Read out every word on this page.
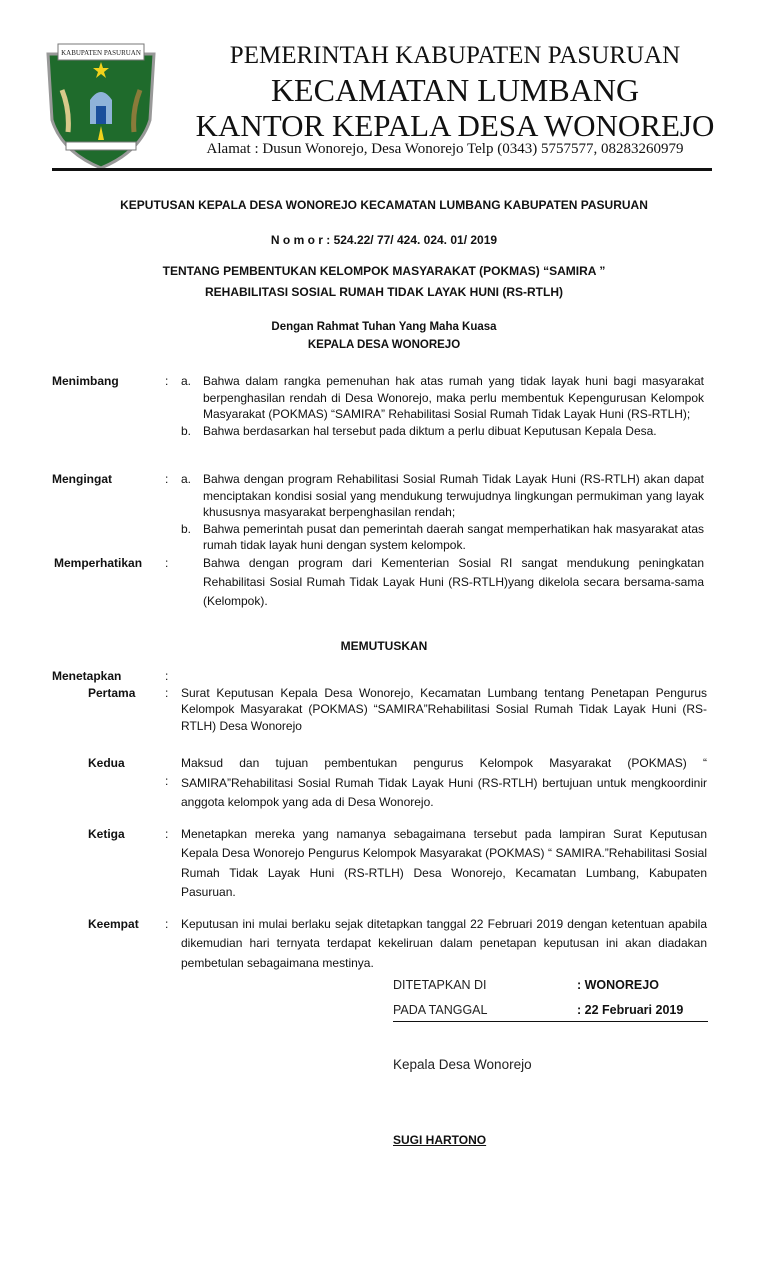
KABUPATEN PASURUAN	PEMERINTAH KABUPATEN PASURUAN
KECAMATAN LUMBANG
KANTOR KEPALA DESA WONOREJO
Alamat : Dusun Wonorejo, Desa Wonorejo Telp (0343) 5757577, 08283260979
KEPUTUSAN KEPALA DESA WONOREJO KECAMATAN LUMBANG KABUPATEN PASURUAN
N o m o r : 524.22/ 77/ 424. 024. 01/ 2019
TENTANG PEMBENTUKAN KELOMPOK MASYARAKAT (POKMAS) “SAMIRA ”
REHABILITASI SOSIAL RUMAH TIDAK LAYAK HUNI (RS-RTLH)
Dengan Rahmat Tuhan Yang Maha Kuasa
KEPALA DESA WONOREJO
Menimbang	:	a. Bahwa dalam rangka pemenuhan hak atas rumah yang tidak layak huni bagi masyarakat berpenghasilan rendah di Desa Wonorejo, maka perlu membentuk Kepengurusan Kelompok Masyarakat (POKMAS) “SAMIRA” Rehabilitasi Sosial Rumah Tidak Layak Huni (RS-RTLH);
b. Bahwa berdasarkan hal tersebut pada diktum a perlu dibuat Keputusan Kepala Desa.
Mengingat	:	a. Bahwa dengan program Rehabilitasi Sosial Rumah Tidak Layak Huni (RS-RTLH) akan dapat menciptakan kondisi sosial yang mendukung terwujudnya lingkungan permukiman yang layak khususnya masyarakat berpenghasilan rendah;
b. Bahwa pemerintah pusat dan pemerintah daerah sangat memperhatikan hak masyarakat atas rumah tidak layak huni dengan system kelompok.
Memperhatikan	:	Bahwa dengan program dari Kementerian Sosial RI sangat mendukung peningkatan Rehabilitasi Sosial Rumah Tidak Layak Huni (RS-RTLH)yang dikelola secara bersama-sama (Kelompok).
MEMUTUSKAN
Menetapkan	:
Pertama	:	Surat Keputusan Kepala Desa Wonorejo, Kecamatan Lumbang tentang Penetapan Pengurus Kelompok Masyarakat (POKMAS) “SAMIRA”Rehabilitasi Sosial Rumah Tidak Layak Huni (RS-RTLH) Desa Wonorejo
Kedua
:
Maksud dan tujuan pembentukan pengurus Kelompok Masyarakat (POKMAS) “ SAMIRA”Rehabilitasi Sosial Rumah Tidak Layak Huni (RS-RTLH) bertujuan untuk mengkoordinir anggota kelompok yang ada di Desa Wonorejo.
Ketiga	:	Menetapkan mereka yang namanya sebagaimana tersebut pada lampiran Surat Keputusan Kepala Desa Wonorejo Pengurus Kelompok Masyarakat (POKMAS) “ SAMIRA.”Rehabilitasi Sosial Rumah Tidak Layak Huni (RS-RTLH) Desa Wonorejo, Kecamatan Lumbang, Kabupaten Pasuruan.
Keempat	:	Keputusan ini mulai berlaku sejak ditetapkan tanggal 22 Februari 2019 dengan ketentuan apabila dikemudian hari ternyata terdapat kekeliruan dalam penetapan keputusan ini akan diadakan pembetulan sebagaimana mestinya.
DITETAPKAN DI	: WONOREJO
PADA TANGGAL	: 22 Februari 2019
Kepala Desa Wonorejo
SUGI HARTONO
